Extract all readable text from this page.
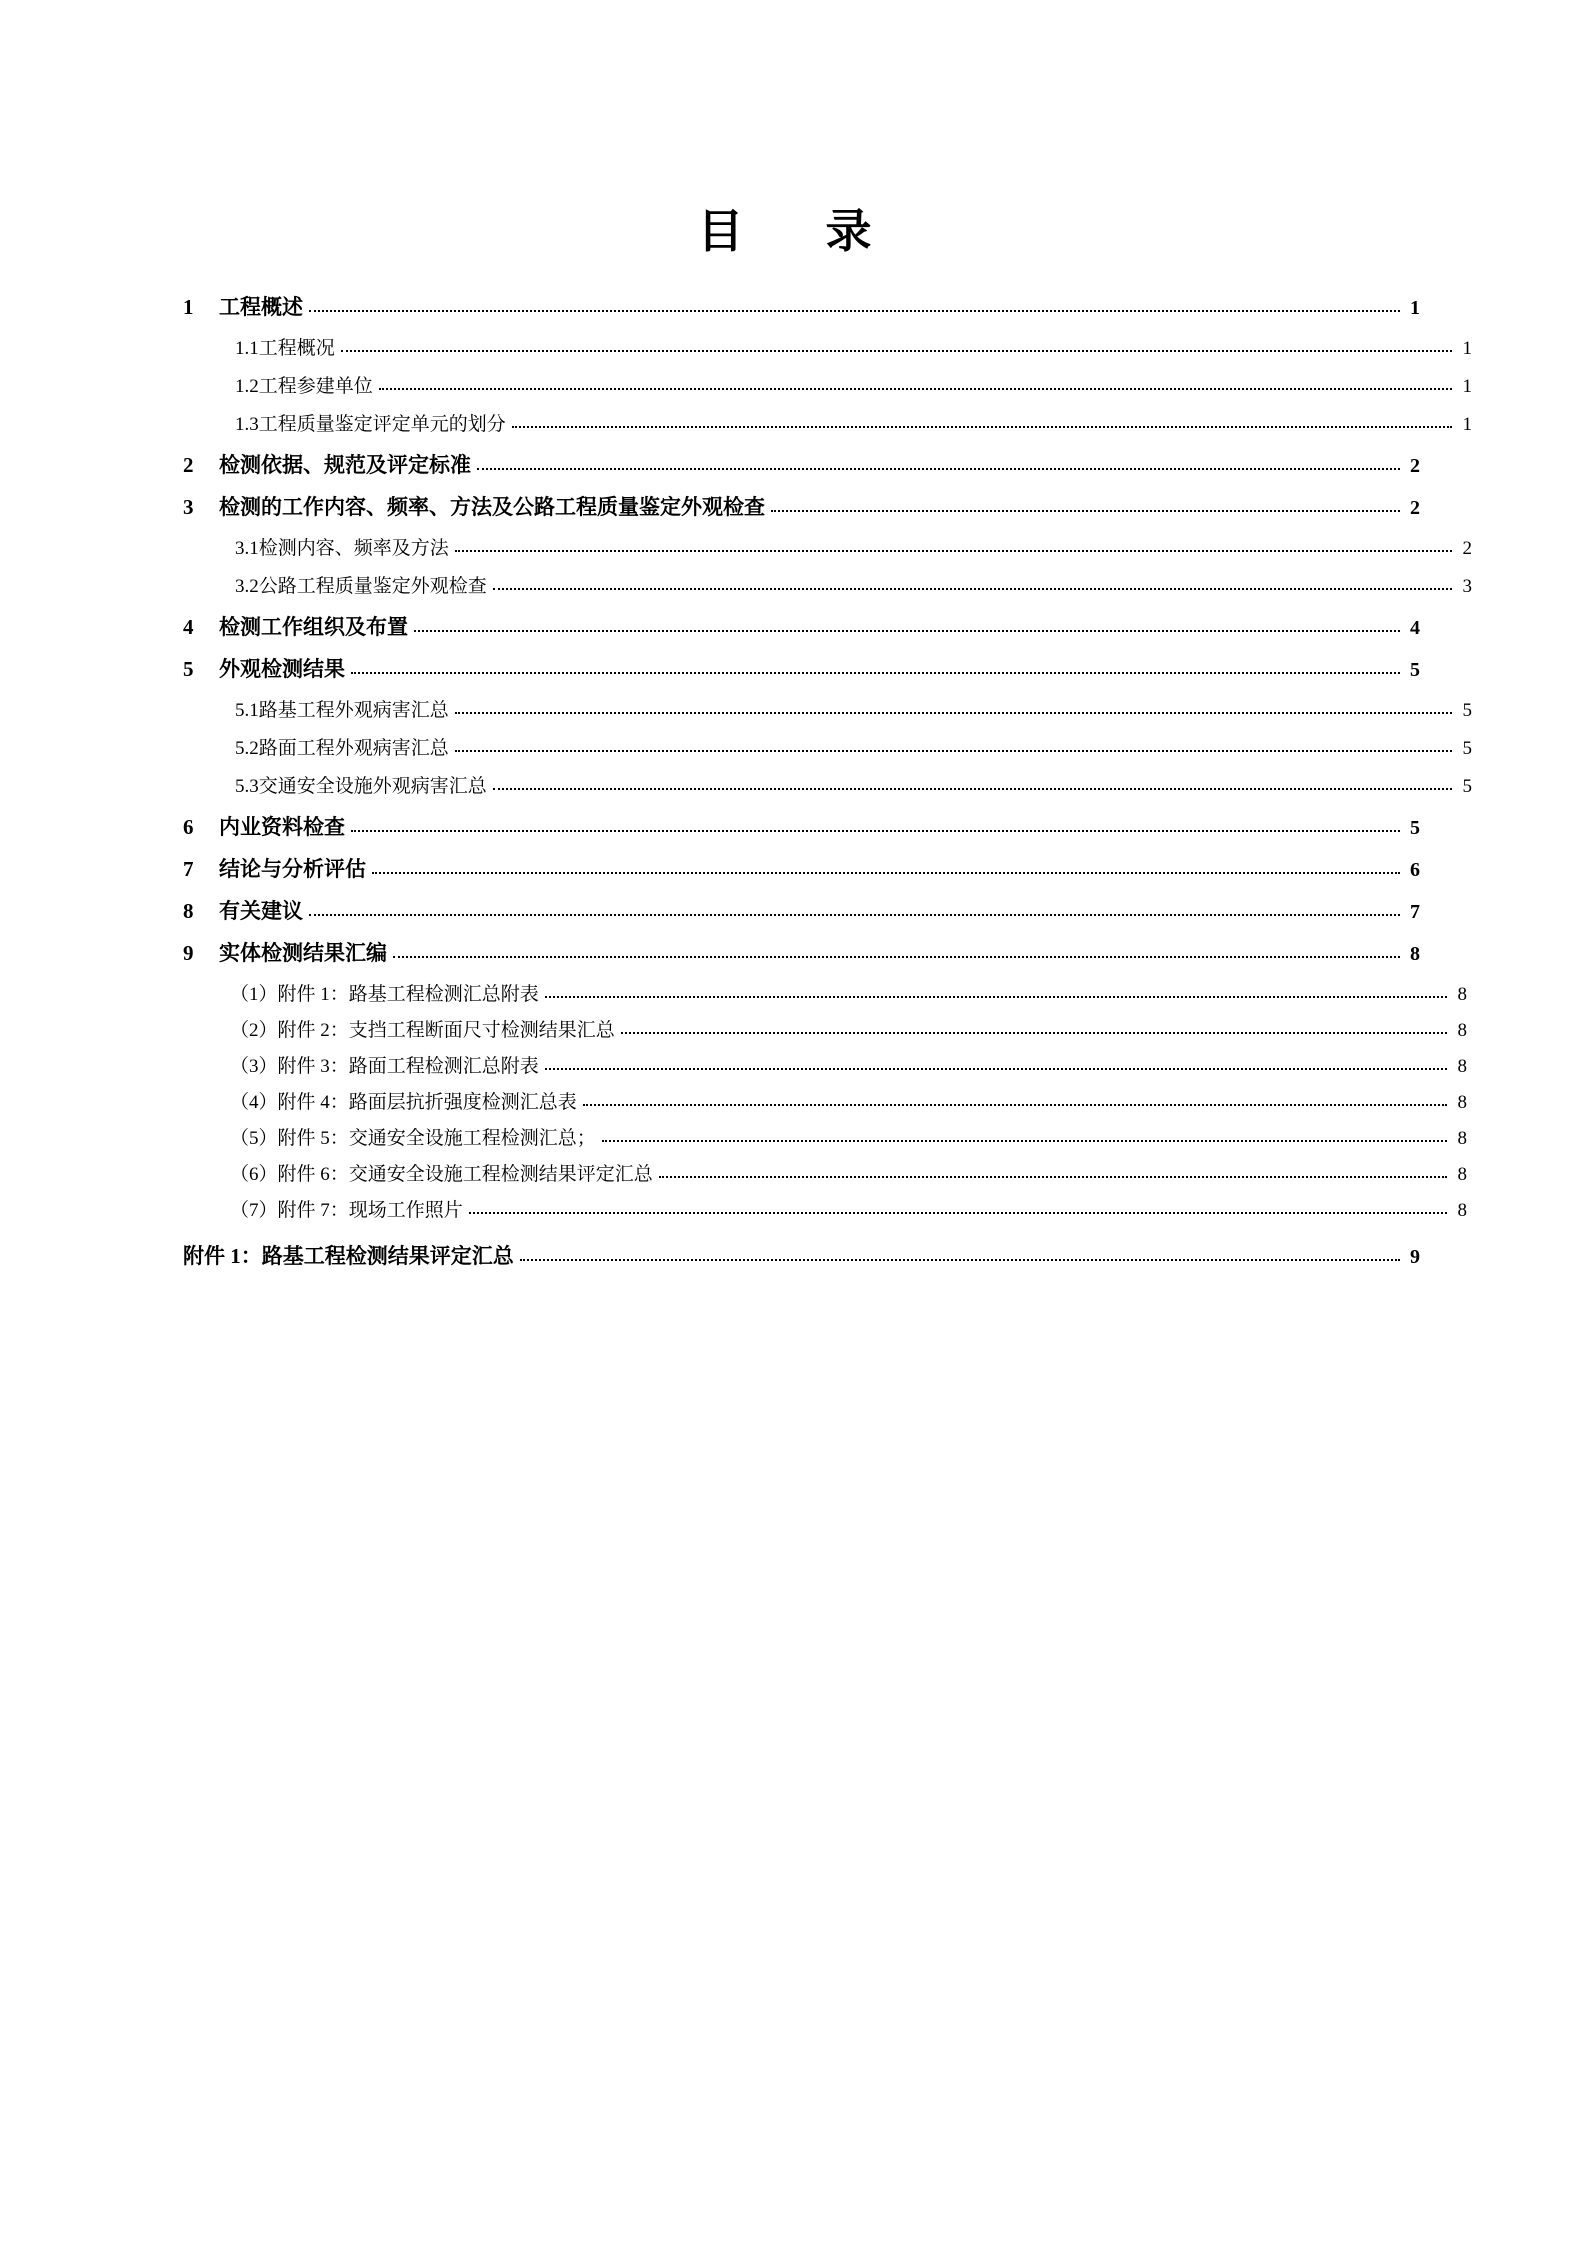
目　录
1	工程概述	1
1.1 工程概况	1
1.2 工程参建单位	1
1.3 工程质量鉴定评定单元的划分	1
2	检测依据、规范及评定标准	2
3	检测的工作内容、频率、方法及公路工程质量鉴定外观检查	2
3.1 检测内容、频率及方法	2
3.2 公路工程质量鉴定外观检查	3
4	检测工作组织及布置	4
5	外观检测结果	5
5.1 路基工程外观病害汇总	5
5.2 路面工程外观病害汇总	5
5.3 交通安全设施外观病害汇总	5
6	内业资料检查	5
7	结论与分析评估	6
8	有关建议	7
9	实体检测结果汇编	8
（1） 附件 1：路基工程检测汇总附表	8
（2） 附件 2：支挡工程断面尺寸检测结果汇总	8
（3） 附件 3：路面工程检测汇总附表	8
（4） 附件 4：路面层抗折强度检测汇总表	8
（5） 附件 5：交通安全设施工程检测汇总；	8
（6） 附件 6：交通安全设施工程检测结果评定汇总	8
（7） 附件 7：现场工作照片	8
附件 1：路基工程检测结果评定汇总	9
